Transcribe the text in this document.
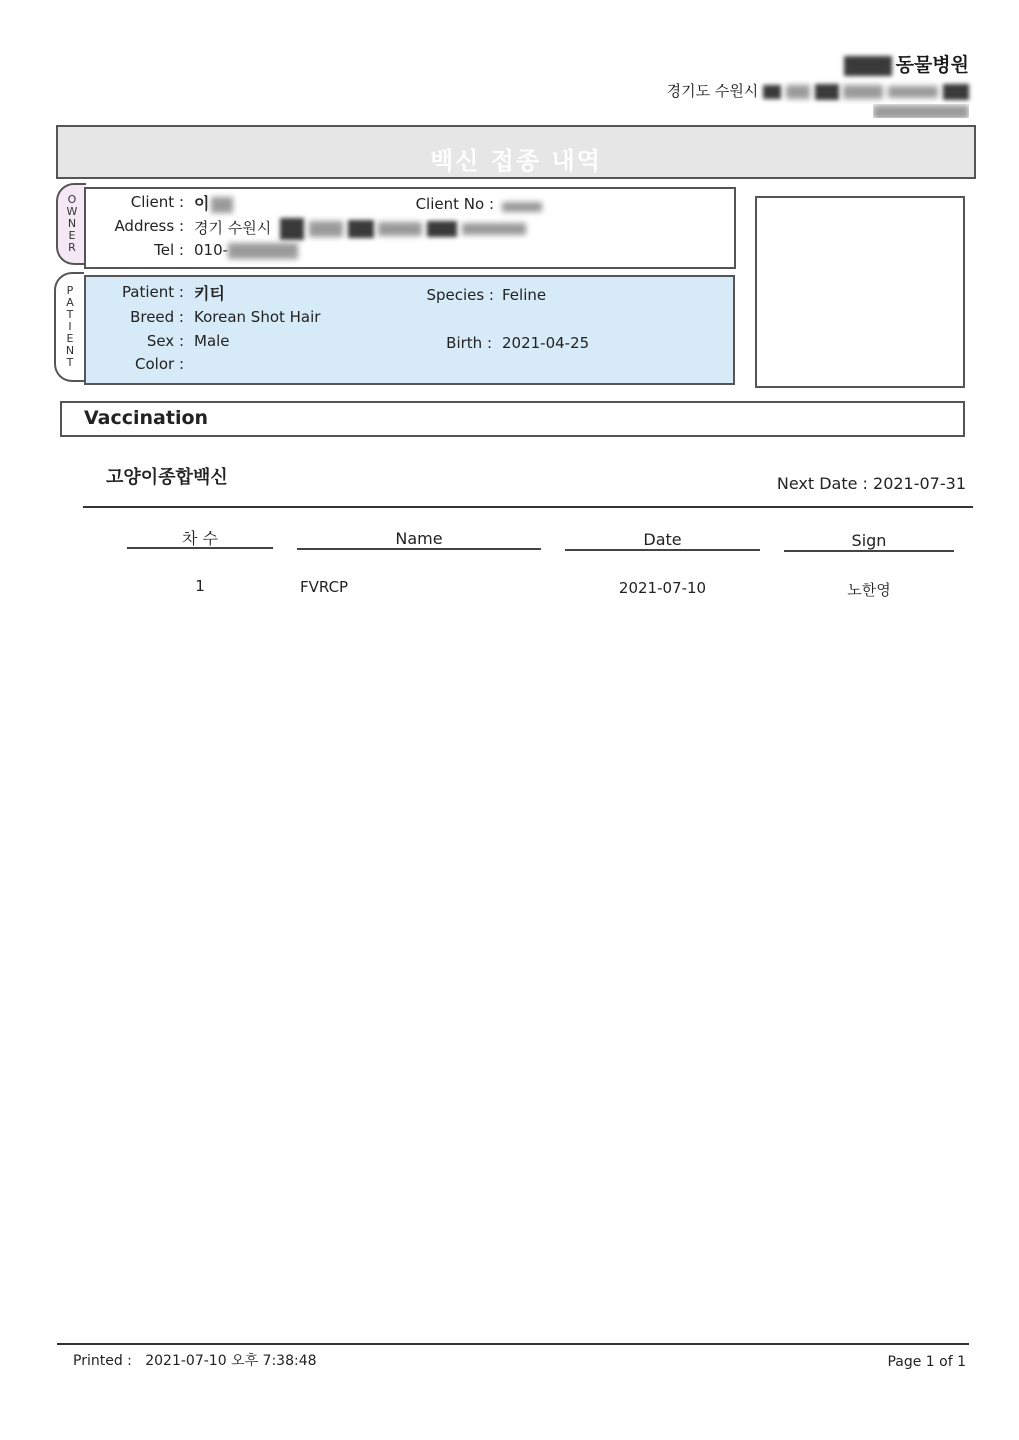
동물병원
경기도 수원시
백신 접종 내역
O
W
N
E
R
Client : 이
Address : 경기 수원시
Tel : 010-
Client No :
P
A
T
I
E
N
T
Patient : 키티
Breed : Korean Shot Hair
Sex : Male
Color :
Species : Feline
Birth : 2021-04-25
Vaccination
고양이종합백신	Next Date : 2021-07-31
차 수	Name	Date	Sign
1	FVRCP	2021-07-10	노한영
Printed : 2021-07-10 오후 7:38:48	Page 1 of 1
